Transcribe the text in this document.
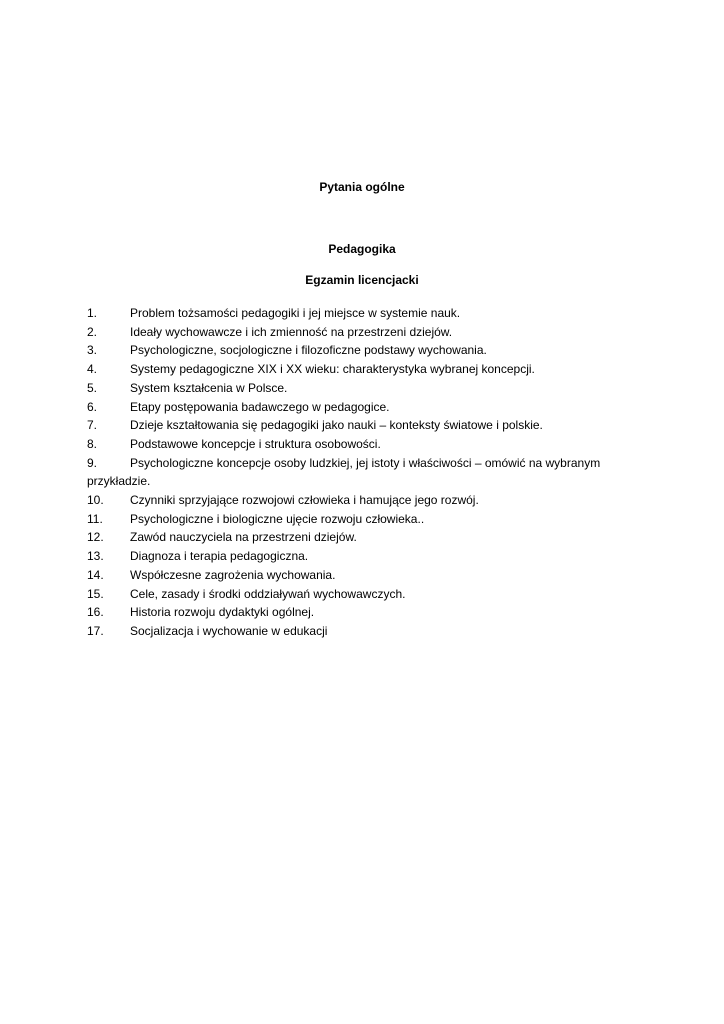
Pytania ogólne
Pedagogika
Egzamin licencjacki
1.	Problem tożsamości pedagogiki i jej miejsce w systemie nauk.
2.	Ideały wychowawcze i ich zmienność na przestrzeni dziejów.
3.	Psychologiczne, socjologiczne i filozoficzne podstawy wychowania.
4.	Systemy pedagogiczne XIX i XX wieku: charakterystyka wybranej koncepcji.
5.	System kształcenia w Polsce.
6.	Etapy postępowania badawczego w pedagogice.
7.	Dzieje kształtowania się pedagogiki jako nauki – konteksty światowe i polskie.
8.	Podstawowe koncepcje i struktura osobowości.
9.	Psychologiczne koncepcje osoby ludzkiej, jej istoty i właściwości – omówić na wybranym przykładzie.
10.	Czynniki sprzyjające rozwojowi człowieka i hamujące jego rozwój.
11.	Psychologiczne i biologiczne ujęcie rozwoju człowieka..
12.	Zawód nauczyciela na przestrzeni dziejów.
13.	Diagnoza i terapia pedagogiczna.
14.	Współczesne zagrożenia wychowania.
15.	Cele, zasady i środki oddziaływań wychowawczych.
16.	Historia rozwoju dydaktyki ogólnej.
17.	Socjalizacja i wychowanie w edukacji
